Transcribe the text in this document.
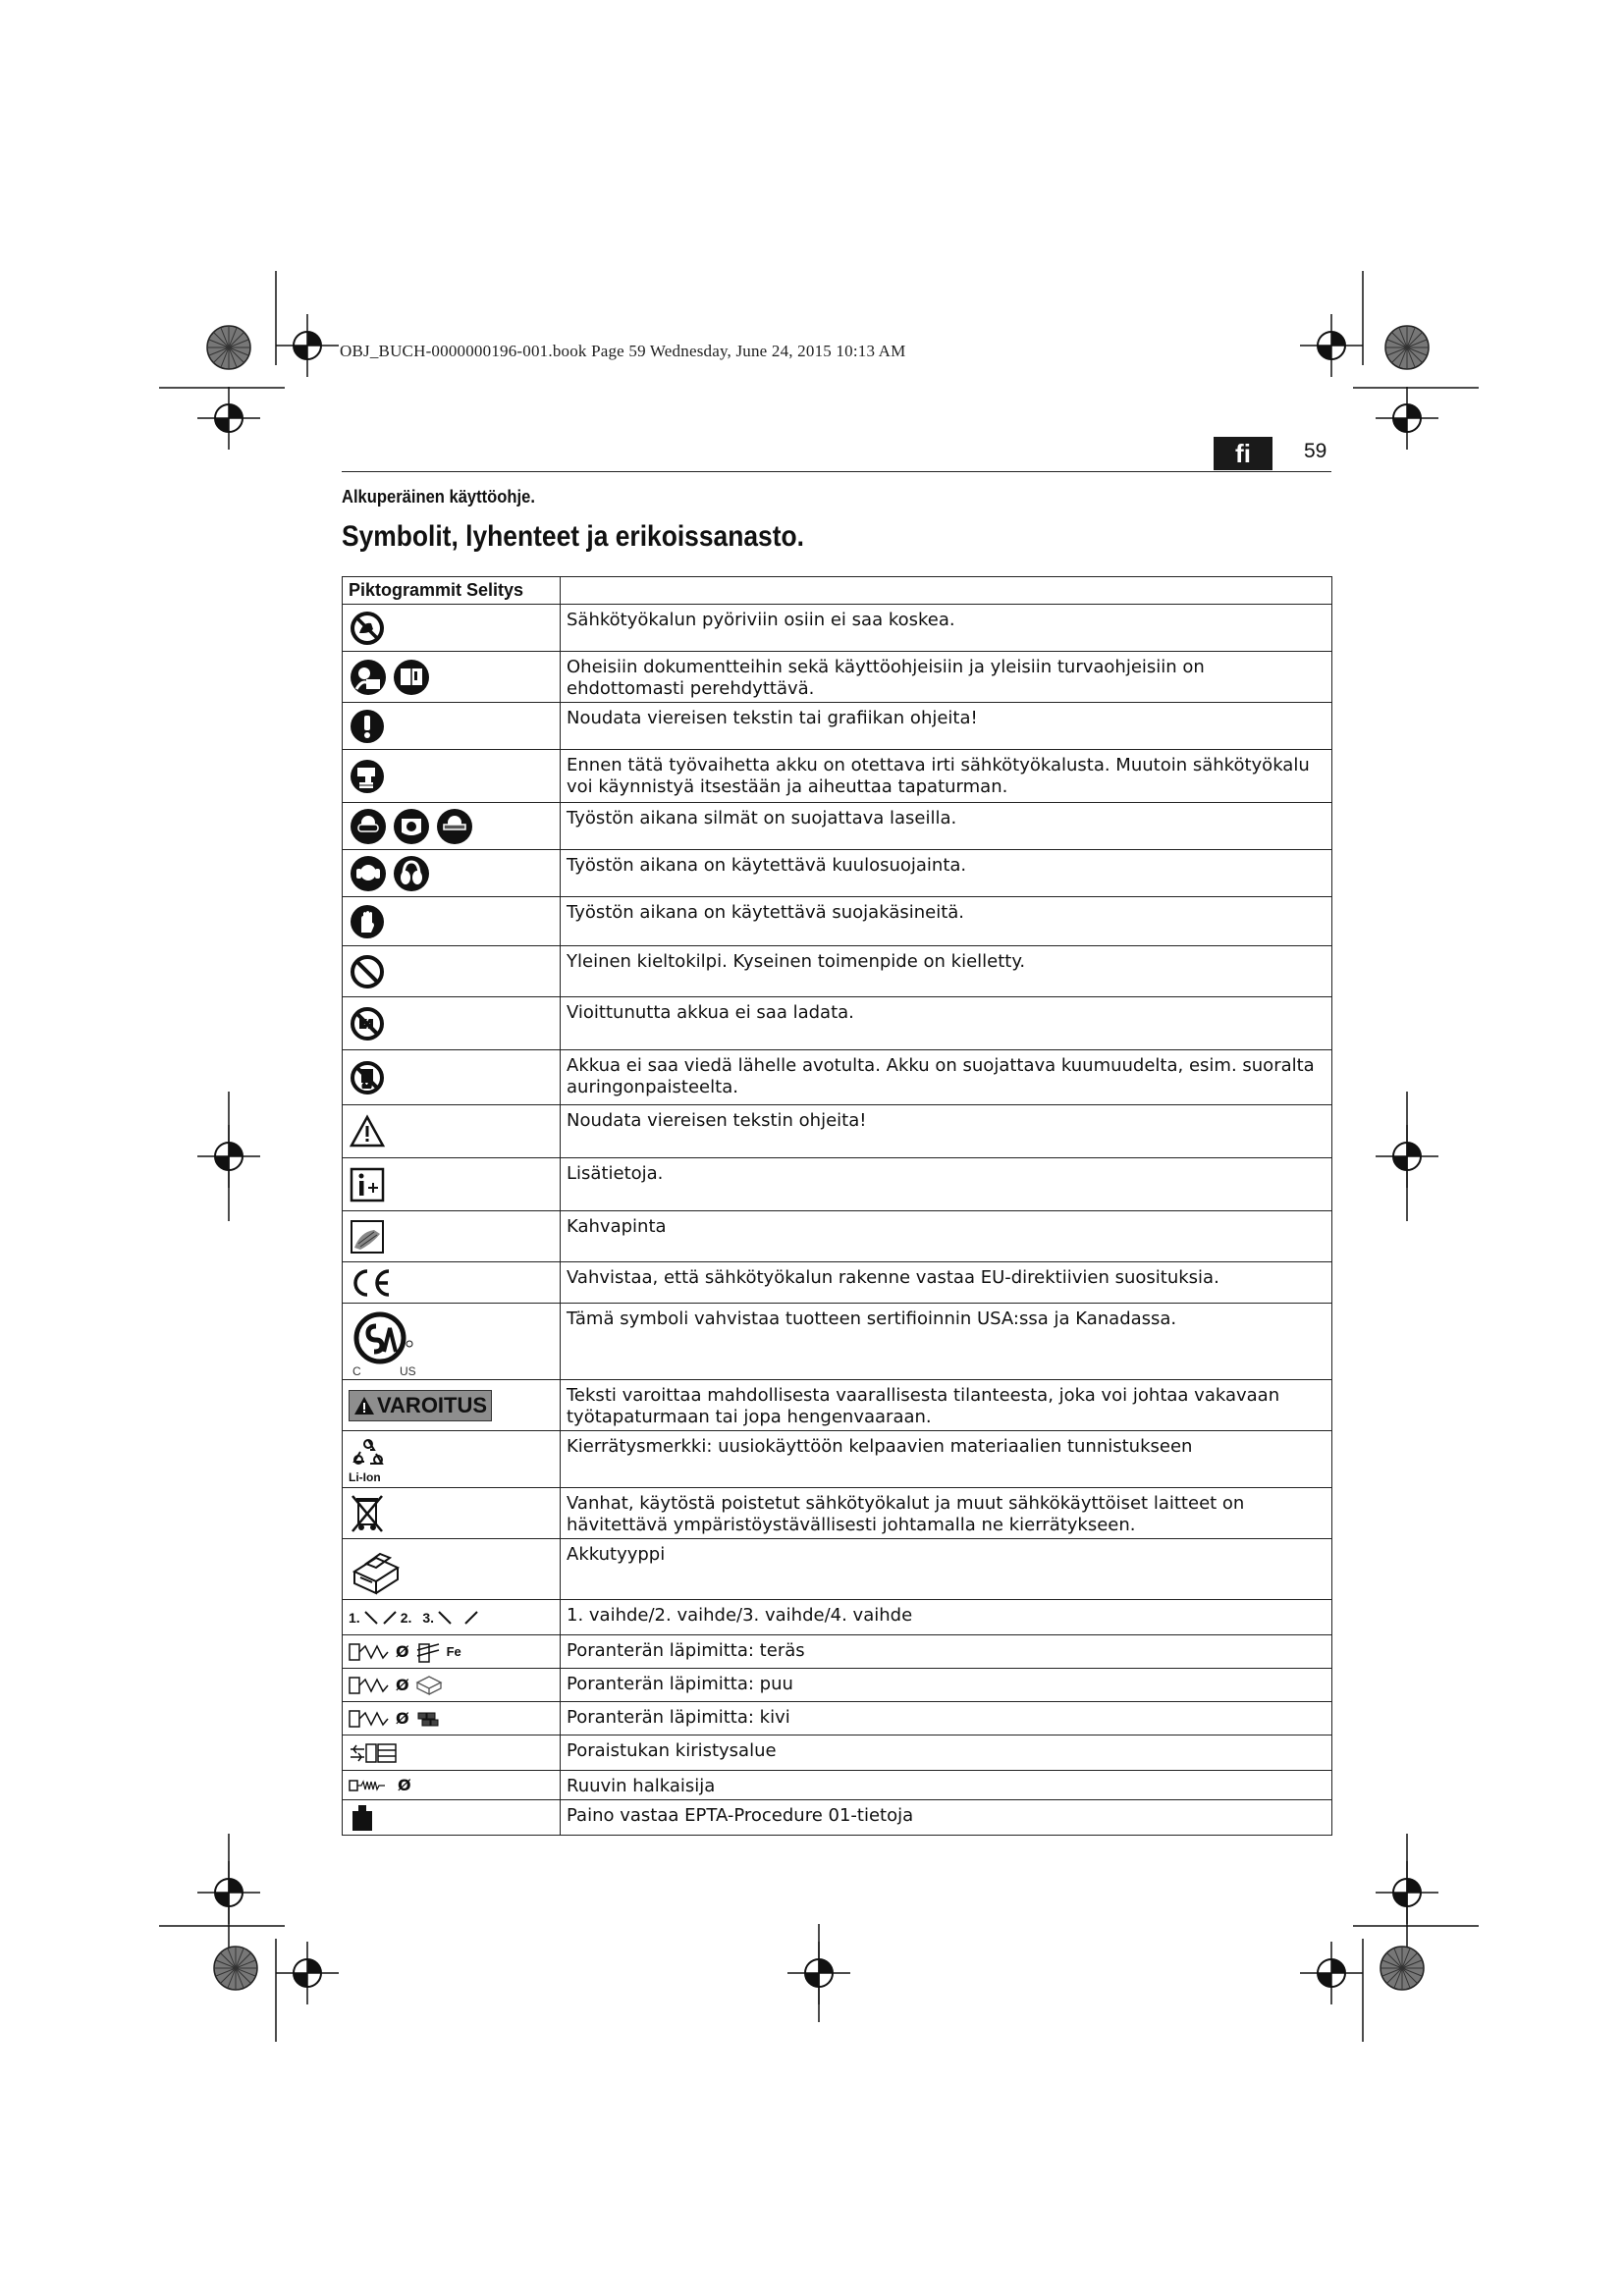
OBJ_BUCH-0000000196-001.book Page 59 Wednesday, June 24, 2015 10:13 AM
fi	59
Alkuperäinen käyttöohje.
Symbolit, lyhenteet ja erikoissanasto.
Piktogrammit Selitys	

	Sähkötyökalun pyöriviin osiin ei saa koskea.

	Oheisiin dokumentteihin sekä käyttöohjeisiin ja yleisiin turvaohjeisiin on ehdottomasti perehdyttävä.

	Noudata viereisen tekstin tai grafiikan ohjeita!

	Ennen tätä työvaihetta akku on otettava irti sähkötyökalusta. Muutoin sähkötyökalu voi käynnistyä itsestään ja aiheuttaa tapaturman.

	Työstön aikana silmät on suojattava laseilla.

	Työstön aikana on käytettävä kuulosuojainta.

	Työstön aikana on käytettävä suojakäsineitä.

	Yleinen kieltokilpi. Kyseinen toimenpide on kielletty.

	Vioittunutta akkua ei saa ladata.

	Akkua ei saa viedä lähelle avotulta. Akku on suojattava kuumuudelta, esim. suoralta auringonpaisteelta.

	Noudata viereisen tekstin ohjeita!

	Lisätietoja.

	Kahvapinta

	Vahvistaa, että sähkötyökalun rakenne vastaa EU-direktiivien suosituksia.

C US	Tämä symboli vahvistaa tuotteen sertifioinnin USA:ssa ja Kanadassa.

VAROITUS	Teksti varoittaa mahdollisesta vaarallisesta tilanteesta, joka voi johtaa vakavaan työtapaturmaan tai jopa hengenvaaraan.

Li-Ion	Kierrätysmerkki: uusiokäyttöön kelpaavien materiaalien tunnistukseen

	Vanhat, käytöstä poistetut sähkötyökalut ja muut sähkökäyttöiset laitteet on hävitettävä ympäristöystävällisesti johtamalla ne kierrätykseen.

	Akkutyyppi

1. 2. 3.	1. vaihde/2. vaihde/3. vaihde/4. vaihde

Ø Fe	Poranterän läpimitta: teräs

Ø	Poranterän läpimitta: puu

Ø	Poranterän läpimitta: kivi

	Poraistukan kiristysalue

Ø	Ruuvin halkaisija

	Paino vastaa EPTA-Procedure 01-tietoja
